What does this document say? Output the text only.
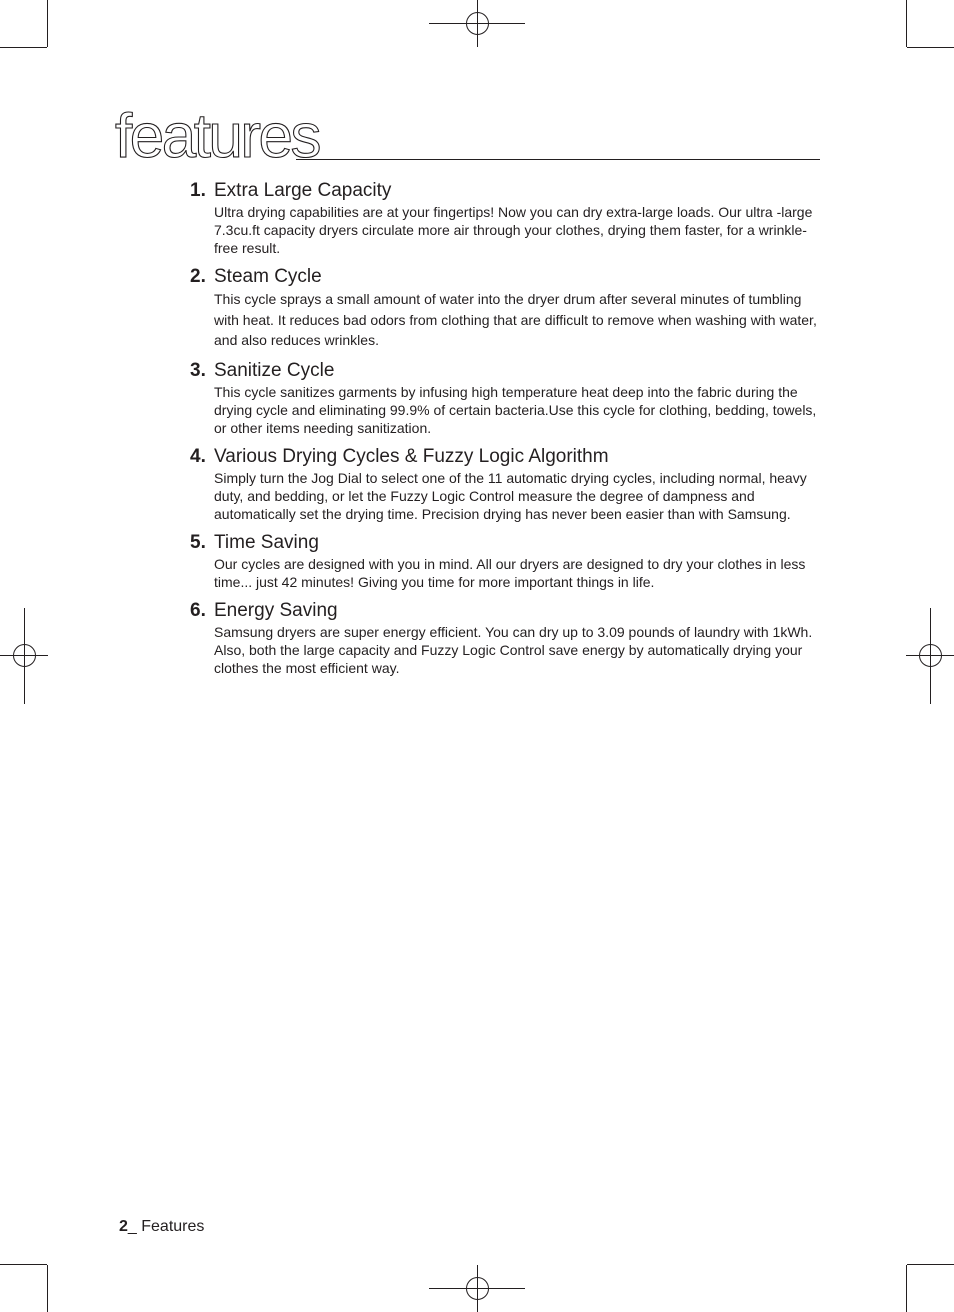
features
1. Extra Large Capacity

Ultra drying capabilities are at your fingertips! Now you can dry extra-large loads. Our ultra -large 7.3cu.ft capacity dryers circulate more air through your clothes, drying them faster, for a wrinkle-free result.

2. Steam Cycle

This cycle sprays a small amount of water into the dryer drum after several minutes of tumbling with heat. It reduces bad odors from clothing that are difficult to remove when washing with water, and also reduces wrinkles.

3. Sanitize Cycle

This cycle sanitizes garments by infusing high temperature heat deep into the fabric during the drying cycle and eliminating 99.9% of certain bacteria.Use this cycle for clothing, bedding, towels, or other items needing sanitization.

4. Various Drying Cycles & Fuzzy Logic Algorithm

Simply turn the Jog Dial to select one of the 11 automatic drying cycles, including normal, heavy duty, and bedding, or let the Fuzzy Logic Control measure the degree of dampness and automatically set the drying time. Precision drying has never been easier than with Samsung.

5. Time Saving

Our cycles are designed with you in mind. All our dryers are designed to dry your clothes in less time... just 42 minutes! Giving you time for more important things in life.

6. Energy Saving

Samsung dryers are super energy efficient. You can dry up to 3.09 pounds of laundry with 1kWh. Also, both the large capacity and Fuzzy Logic Control save energy by automatically drying your clothes the most efficient way.

2_ Features
